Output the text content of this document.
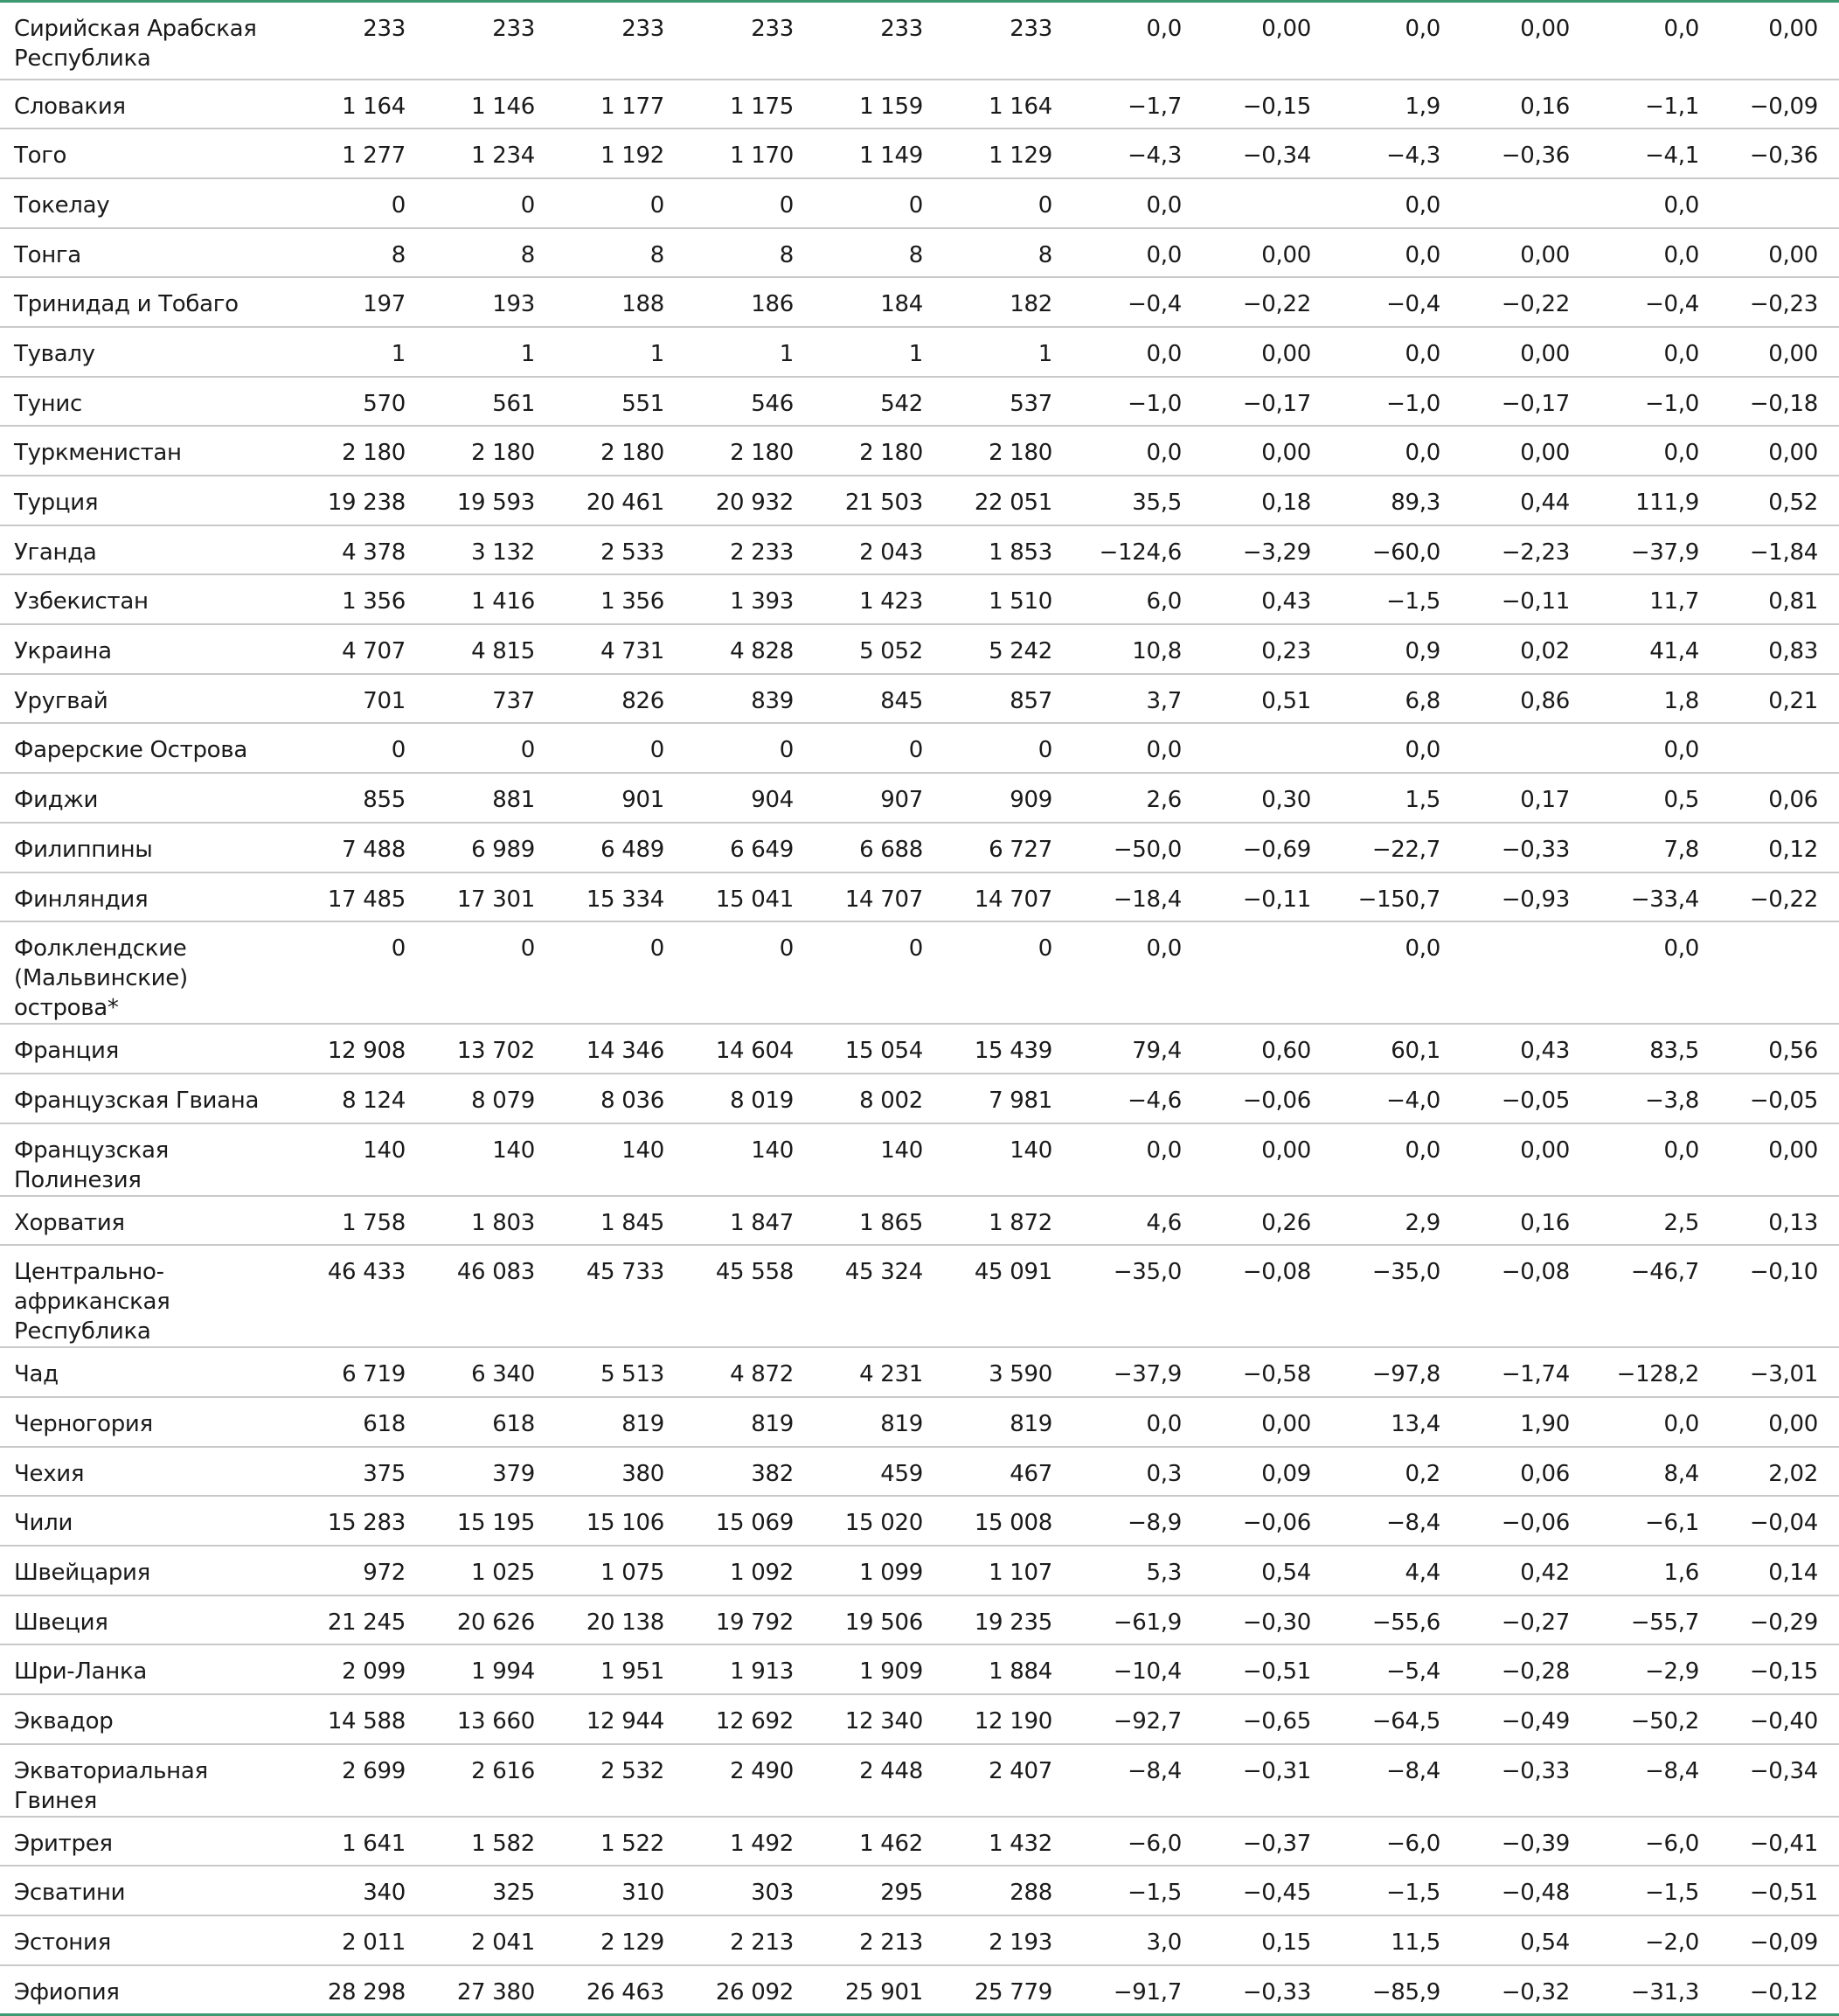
Сирийская Арабская Республика	233	233	233	233	233	233	0,0	0,00	0,0	0,00	0,0	0,00
Словакия	1 164	1 146	1 177	1 175	1 159	1 164	−1,7	−0,15	1,9	0,16	−1,1	−0,09
Того	1 277	1 234	1 192	1 170	1 149	1 129	−4,3	−0,34	−4,3	−0,36	−4,1	−0,36
Токелау	0	0	0	0	0	0	0,0		0,0		0,0	
Тонга	8	8	8	8	8	8	0,0	0,00	0,0	0,00	0,0	0,00
Тринидад и Тобаго	197	193	188	186	184	182	−0,4	−0,22	−0,4	−0,22	−0,4	−0,23
Тувалу	1	1	1	1	1	1	0,0	0,00	0,0	0,00	0,0	0,00
Тунис	570	561	551	546	542	537	−1,0	−0,17	−1,0	−0,17	−1,0	−0,18
Туркменистан	2 180	2 180	2 180	2 180	2 180	2 180	0,0	0,00	0,0	0,00	0,0	0,00
Турция	19 238	19 593	20 461	20 932	21 503	22 051	35,5	0,18	89,3	0,44	111,9	0,52
Уганда	4 378	3 132	2 533	2 233	2 043	1 853	−124,6	−3,29	−60,0	−2,23	−37,9	−1,84
Узбекистан	1 356	1 416	1 356	1 393	1 423	1 510	6,0	0,43	−1,5	−0,11	11,7	0,81
Украина	4 707	4 815	4 731	4 828	5 052	5 242	10,8	0,23	0,9	0,02	41,4	0,83
Уругвай	701	737	826	839	845	857	3,7	0,51	6,8	0,86	1,8	0,21
Фарерские Острова	0	0	0	0	0	0	0,0		0,0		0,0	
Фиджи	855	881	901	904	907	909	2,6	0,30	1,5	0,17	0,5	0,06
Филиппины	7 488	6 989	6 489	6 649	6 688	6 727	−50,0	−0,69	−22,7	−0,33	7,8	0,12
Финляндия	17 485	17 301	15 334	15 041	14 707	14 707	−18,4	−0,11	−150,7	−0,93	−33,4	−0,22
Фолклендские (Мальвинские) острова*	0	0	0	0	0	0	0,0		0,0		0,0	
Франция	12 908	13 702	14 346	14 604	15 054	15 439	79,4	0,60	60,1	0,43	83,5	0,56
Французская Гвиана	8 124	8 079	8 036	8 019	8 002	7 981	−4,6	−0,06	−4,0	−0,05	−3,8	−0,05
Французская Полинезия	140	140	140	140	140	140	0,0	0,00	0,0	0,00	0,0	0,00
Хорватия	1 758	1 803	1 845	1 847	1 865	1 872	4,6	0,26	2,9	0,16	2,5	0,13
Центрально-африканская Республика	46 433	46 083	45 733	45 558	45 324	45 091	−35,0	−0,08	−35,0	−0,08	−46,7	−0,10
Чад	6 719	6 340	5 513	4 872	4 231	3 590	−37,9	−0,58	−97,8	−1,74	−128,2	−3,01
Черногория	618	618	819	819	819	819	0,0	0,00	13,4	1,90	0,0	0,00
Чехия	375	379	380	382	459	467	0,3	0,09	0,2	0,06	8,4	2,02
Чили	15 283	15 195	15 106	15 069	15 020	15 008	−8,9	−0,06	−8,4	−0,06	−6,1	−0,04
Швейцария	972	1 025	1 075	1 092	1 099	1 107	5,3	0,54	4,4	0,42	1,6	0,14
Швеция	21 245	20 626	20 138	19 792	19 506	19 235	−61,9	−0,30	−55,6	−0,27	−55,7	−0,29
Шри-Ланка	2 099	1 994	1 951	1 913	1 909	1 884	−10,4	−0,51	−5,4	−0,28	−2,9	−0,15
Эквадор	14 588	13 660	12 944	12 692	12 340	12 190	−92,7	−0,65	−64,5	−0,49	−50,2	−0,40
Экваториальная Гвинея	2 699	2 616	2 532	2 490	2 448	2 407	−8,4	−0,31	−8,4	−0,33	−8,4	−0,34
Эритрея	1 641	1 582	1 522	1 492	1 462	1 432	−6,0	−0,37	−6,0	−0,39	−6,0	−0,41
Эсватини	340	325	310	303	295	288	−1,5	−0,45	−1,5	−0,48	−1,5	−0,51
Эстония	2 011	2 041	2 129	2 213	2 213	2 193	3,0	0,15	11,5	0,54	−2,0	−0,09
Эфиопия	28 298	27 380	26 463	26 092	25 901	25 779	−91,7	−0,33	−85,9	−0,32	−31,3	−0,12
